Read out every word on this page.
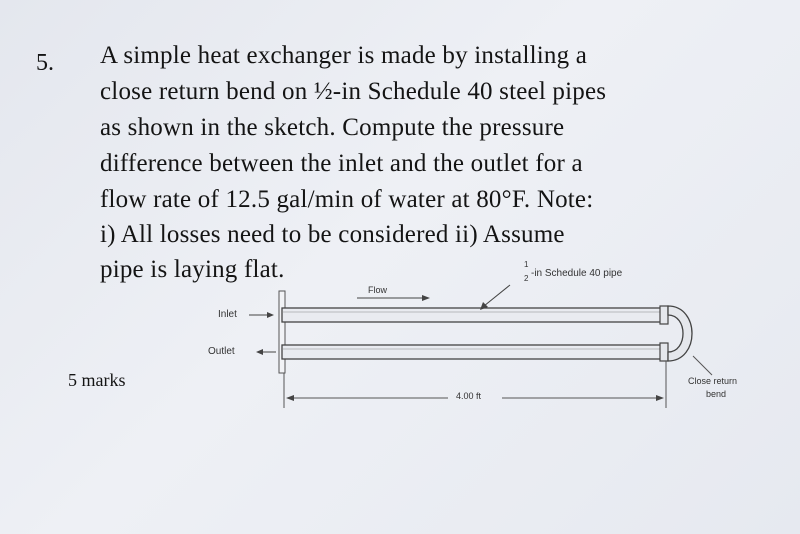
5. A simple heat exchanger is made by installing a
close return bend on ½-in Schedule 40 steel pipes
as shown in the sketch. Compute the pressure
difference between the inlet and the outlet for a
flow rate of 12.5 gal/min of water at 80°F. Note:
i) All losses need to be considered ii) Assume
pipe is laying flat.
5 marks
1
2 -in Schedule 40 pipe
Flow
Inlet
Outlet
4.00 ft
Close return
bend
